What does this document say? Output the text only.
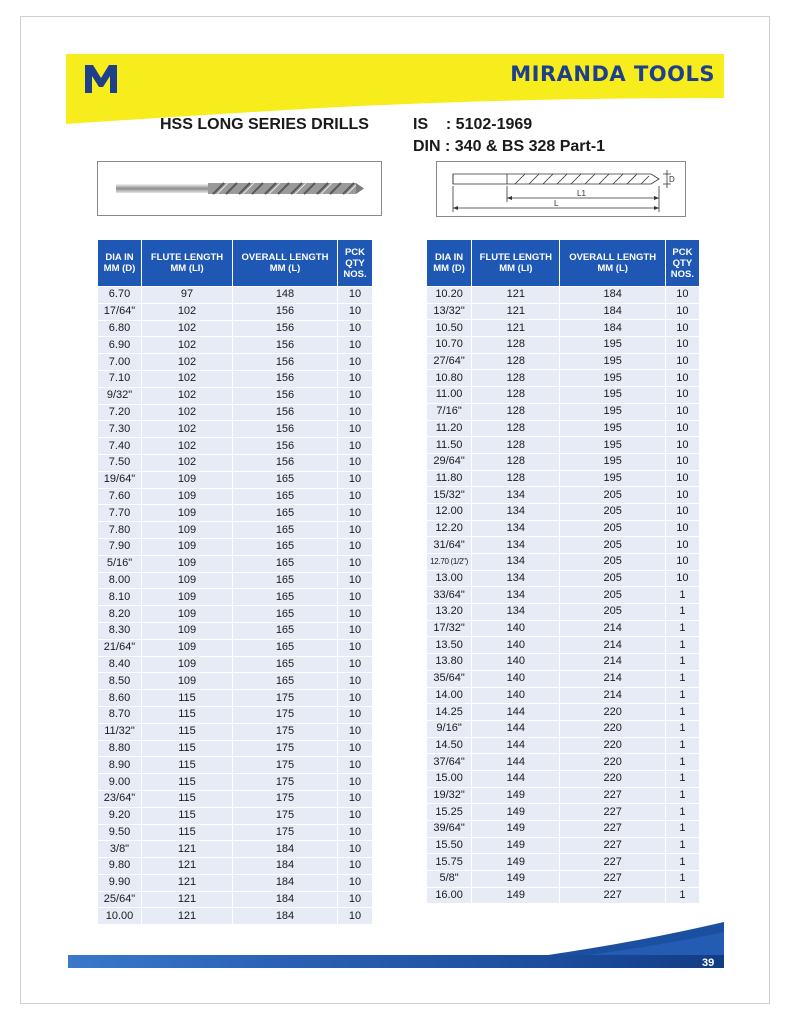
MIRANDA TOOLS
HSS LONG SERIES DRILLS	IS    : 5102-1969
DIN : 340 & BS 328 Part-1
D
L1
L
DIA IN MM (D)	FLUTE LENGTH MM (LI)	OVERALL LENGTH MM (L)	PCK QTY NOS.
6.70	97	148	10
17/64"	102	156	10
6.80	102	156	10
6.90	102	156	10
7.00	102	156	10
7.10	102	156	10
9/32"	102	156	10
7.20	102	156	10
7.30	102	156	10
7.40	102	156	10
7.50	102	156	10
19/64"	109	165	10
7.60	109	165	10
7.70	109	165	10
7.80	109	165	10
7.90	109	165	10
5/16"	109	165	10
8.00	109	165	10
8.10	109	165	10
8.20	109	165	10
8.30	109	165	10
21/64"	109	165	10
8.40	109	165	10
8.50	109	165	10
8.60	115	175	10
8.70	115	175	10
11/32"	115	175	10
8.80	115	175	10
8.90	115	175	10
9.00	115	175	10
23/64"	115	175	10
9.20	115	175	10
9.50	115	175	10
3/8"	121	184	10
9.80	121	184	10
9.90	121	184	10
25/64"	121	184	10
10.00	121	184	10
DIA IN MM (D)	FLUTE LENGTH MM (LI)	OVERALL LENGTH MM (L)	PCK QTY NOS.
10.20	121	184	10
13/32"	121	184	10
10.50	121	184	10
10.70	128	195	10
27/64"	128	195	10
10.80	128	195	10
11.00	128	195	10
7/16"	128	195	10
11.20	128	195	10
11.50	128	195	10
29/64"	128	195	10
11.80	128	195	10
15/32"	134	205	10
12.00	134	205	10
12.20	134	205	10
31/64"	134	205	10
12.70 (1/2")	134	205	10
13.00	134	205	10
33/64"	134	205	1
13.20	134	205	1
17/32"	140	214	1
13.50	140	214	1
13.80	140	214	1
35/64"	140	214	1
14.00	140	214	1
14.25	144	220	1
9/16"	144	220	1
14.50	144	220	1
37/64"	144	220	1
15.00	144	220	1
19/32"	149	227	1
15.25	149	227	1
39/64"	149	227	1
15.50	149	227	1
15.75	149	227	1
5/8"	149	227	1
16.00	149	227	1
39
